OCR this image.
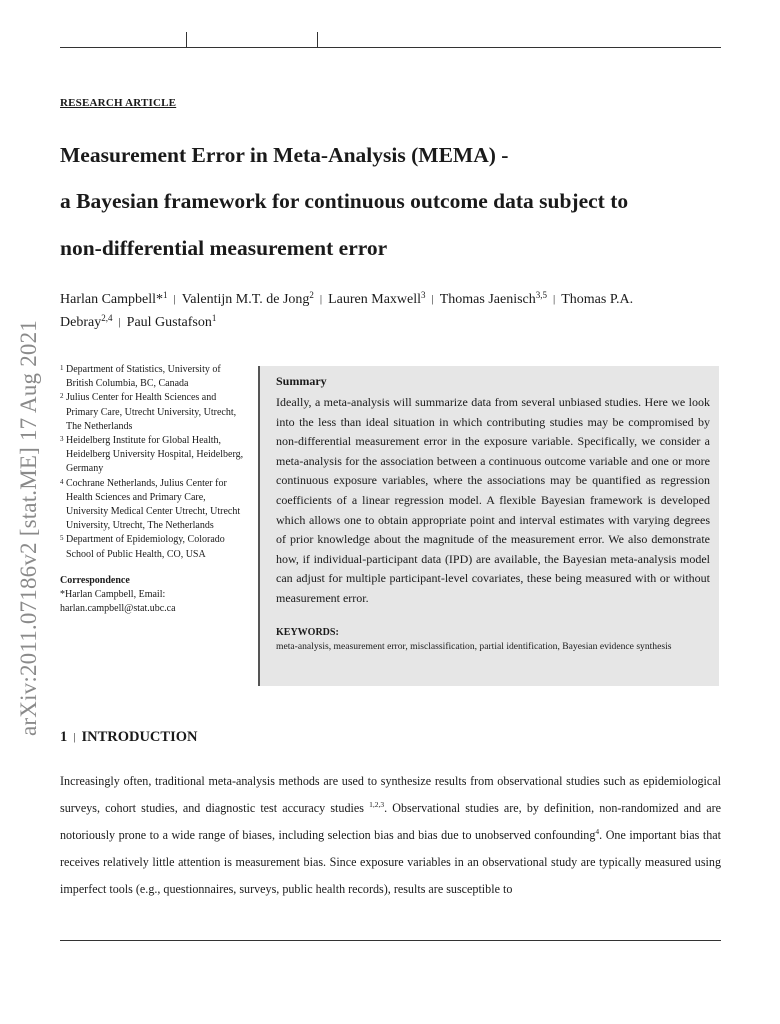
arXiv:2011.07186v2 [stat.ME] 17 Aug 2021
RESEARCH ARTICLE
Measurement Error in Meta-Analysis (MEMA) -
a Bayesian framework for continuous outcome data subject to
non-differential measurement error
Harlan Campbell*$^1$ | Valentijn M.T. de Jong$^2$ | Lauren Maxwell$^3$ | Thomas Jaenisch$^{3,5}$ | Thomas P.A. Debray$^{2,4}$ | Paul Gustafson$^1$
1 Department of Statistics, University of British Columbia, BC, Canada
2 Julius Center for Health Sciences and Primary Care, Utrecht University, Utrecht, The Netherlands
3 Heidelberg Institute for Global Health, Heidelberg University Hospital, Heidelberg, Germany
4 Cochrane Netherlands, Julius Center for Health Sciences and Primary Care, University Medical Center Utrecht, Utrecht University, Utrecht, The Netherlands
5 Department of Epidemiology, Colorado School of Public Health, CO, USA
Correspondence
*Harlan Campbell, Email:
harlan.campbell@stat.ubc.ca
Summary
Ideally, a meta-analysis will summarize data from several unbiased studies. Here we look into the less than ideal situation in which contributing studies may be compromised by non-differential measurement error in the exposure variable. Specifically, we consider a meta-analysis for the association between a continuous outcome variable and one or more continuous exposure variables, where the associations may be quantified as regression coefficients of a linear regression model. A flexible Bayesian framework is developed which allows one to obtain appropriate point and interval estimates with varying degrees of prior knowledge about the magnitude of the measurement error. We also demonstrate how, if individual-participant data (IPD) are available, the Bayesian meta-analysis model can adjust for multiple participant-level covariates, these being measured with or without measurement error.
KEYWORDS:
meta-analysis, measurement error, misclassification, partial identification, Bayesian evidence synthesis
1 | INTRODUCTION
Increasingly often, traditional meta-analysis methods are used to synthesize results from observational studies such as epidemiological surveys, cohort studies, and diagnostic test accuracy studies $^{1,2,3}$. Observational studies are, by definition, non-randomized and are notoriously prone to a wide range of biases, including selection bias and bias due to unobserved confounding$^4$. One important bias that receives relatively little attention is measurement bias. Since exposure variables in an observational study are typically measured using imperfect tools (e.g., questionnaires, surveys, public health records), results are susceptible to
